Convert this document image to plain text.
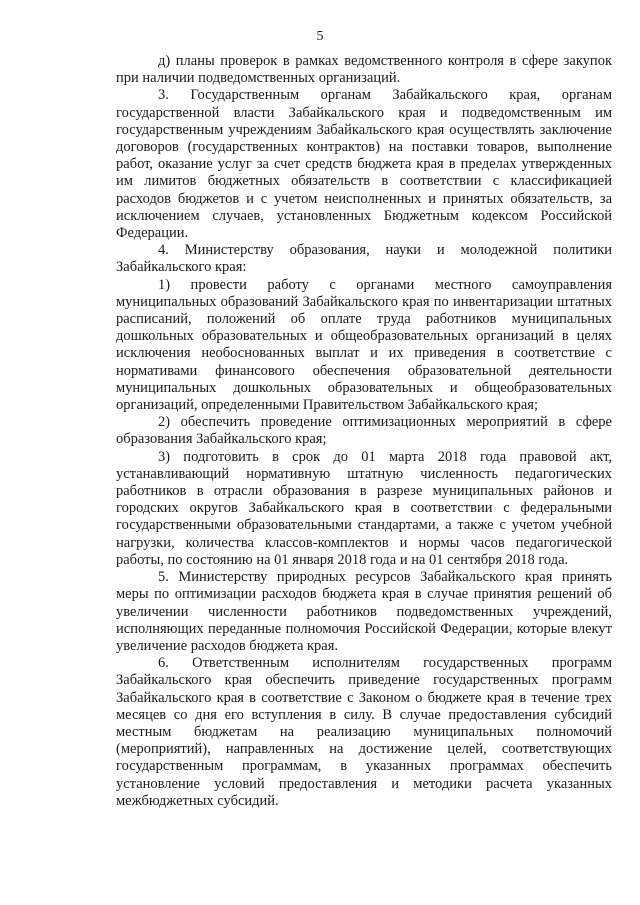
5

д) планы проверок в рамках ведомственного контроля в сфере закупок при наличии подведомственных организаций.

3. Государственным органам Забайкальского края, органам государственной власти Забайкальского края и подведомственным им государственным учреждениям Забайкальского края осуществлять заключение договоров (государственных контрактов) на поставки товаров, выполнение работ, оказание услуг за счет средств бюджета края в пределах утвержденных им лимитов бюджетных обязательств в соответствии с классификацией расходов бюджетов и с учетом неисполненных и принятых обязательств, за исключением случаев, установленных Бюджетным кодексом Российской Федерации.

4. Министерству образования, науки и молодежной политики Забайкальского края:

1) провести работу с органами местного самоуправления муниципальных образований Забайкальского края по инвентаризации штатных расписаний, положений об оплате труда работников муниципальных дошкольных образовательных и общеобразовательных организаций в целях исключения необоснованных выплат и их приведения в соответствие с нормативами финансового обеспечения образовательной деятельности муниципальных дошкольных образовательных и общеобразовательных организаций, определенными Правительством Забайкальского края;

2) обеспечить проведение оптимизационных мероприятий в сфере образования Забайкальского края;

3) подготовить в срок до 01 марта 2018 года правовой акт, устанавливающий нормативную штатную численность педагогических работников в отрасли образования в разрезе муниципальных районов и городских округов Забайкальского края в соответствии с федеральными государственными образовательными стандартами, а также с учетом учебной нагрузки, количества классов-комплектов и нормы часов педагогической работы, по состоянию на 01 января 2018 года и на 01 сентября 2018 года.

5. Министерству природных ресурсов Забайкальского края принять меры по оптимизации расходов бюджета края в случае принятия решений об увеличении численности работников подведомственных учреждений, исполняющих переданные полномочия Российской Федерации, которые влекут увеличение расходов бюджета края.

6. Ответственным исполнителям государственных программ Забайкальского края обеспечить приведение государственных программ Забайкальского края в соответствие с Законом о бюджете края в течение трех месяцев со дня его вступления в силу. В случае предоставления субсидий местным бюджетам на реализацию муниципальных полномочий (мероприятий), направленных на достижение целей, соответствующих государственным программам, в указанных программах обеспечить установление условий предоставления и методики расчета указанных межбюджетных субсидий.
